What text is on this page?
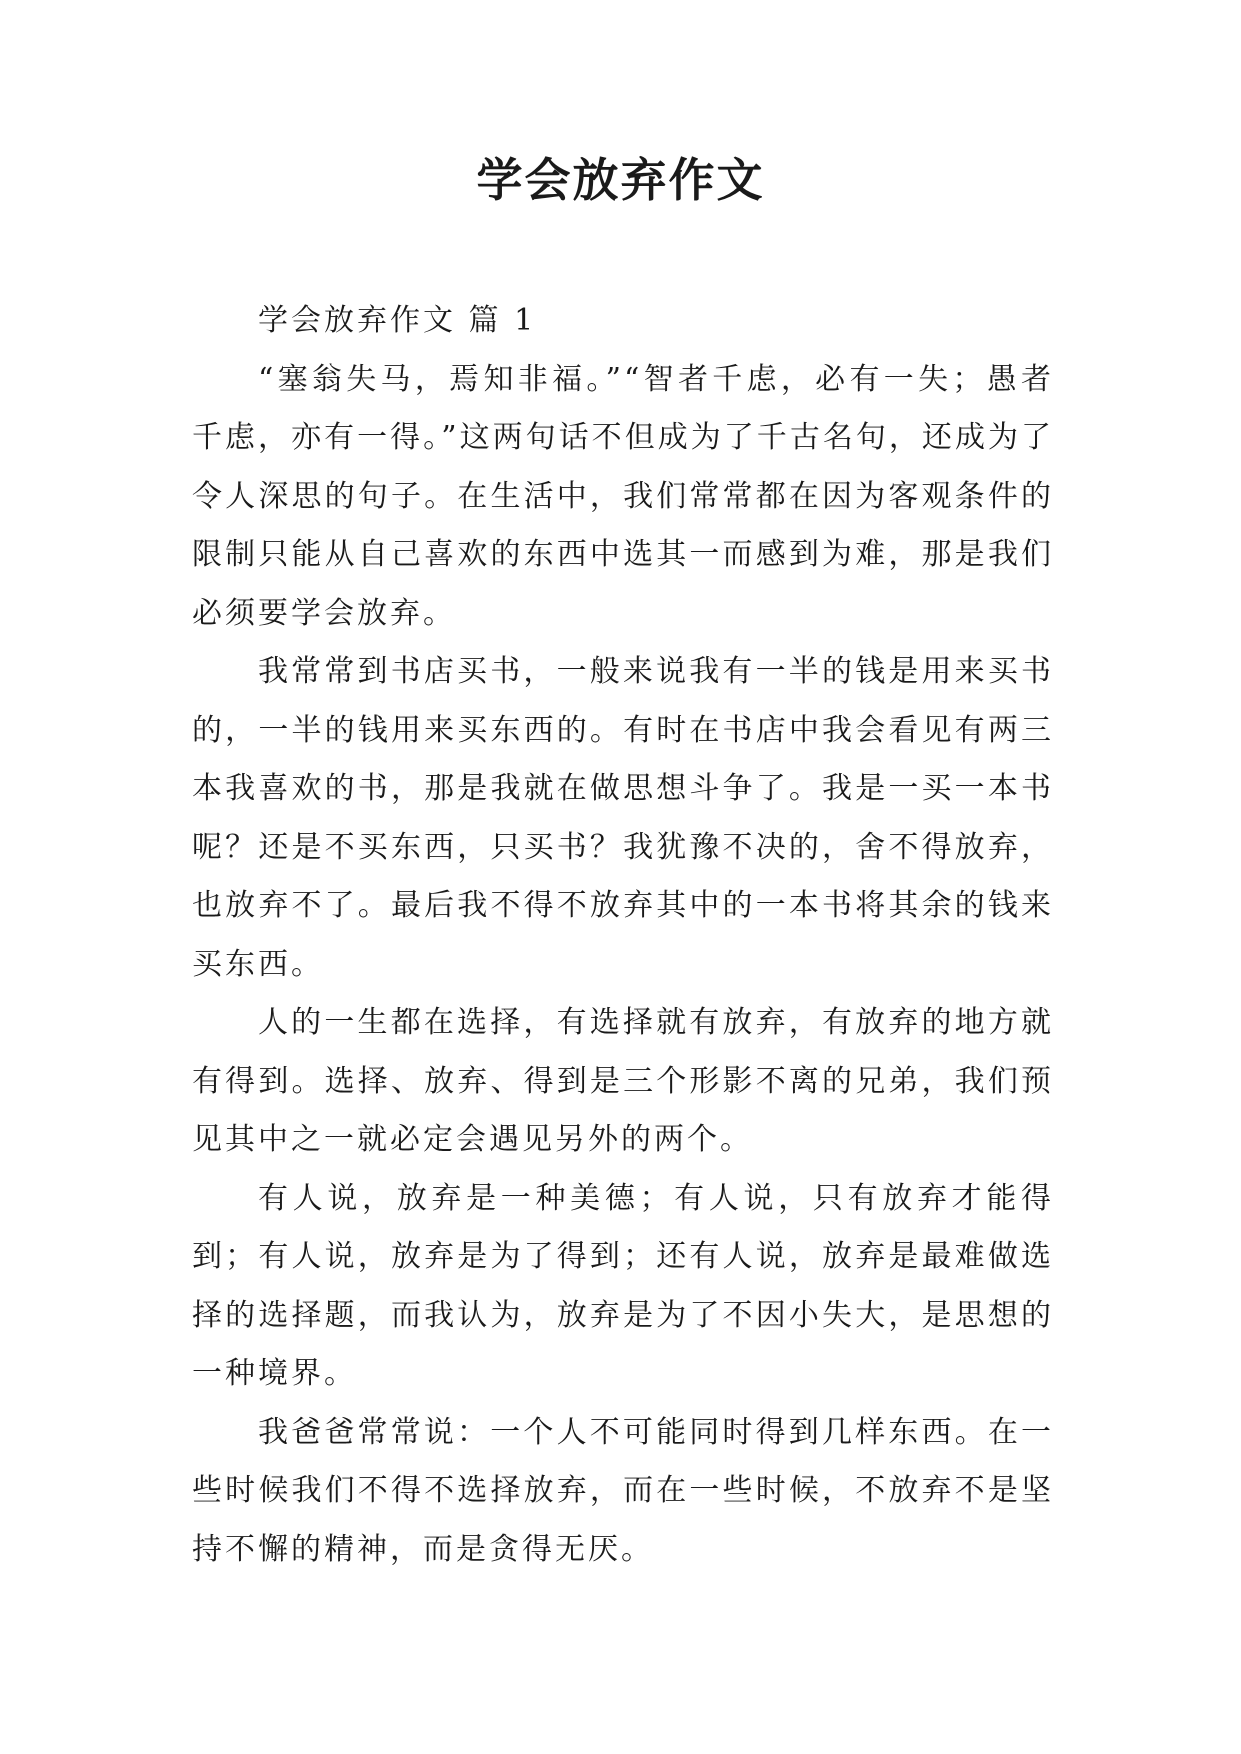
学会放弃作文

学会放弃作文 篇 1

“塞翁失马，焉知非福。”“智者千虑，必有一失；愚者千虑，亦有一得。”这两句话不但成为了千古名句，还成为了令人深思的句子。在生活中，我们常常都在因为客观条件的限制只能从自己喜欢的东西中选其一而感到为难，那是我们必须要学会放弃。

我常常到书店买书，一般来说我有一半的钱是用来买书的，一半的钱用来买东西的。有时在书店中我会看见有两三本我喜欢的书，那是我就在做思想斗争了。我是一买一本书呢？还是不买东西，只买书？我犹豫不决的，舍不得放弃，也放弃不了。最后我不得不放弃其中的一本书将其余的钱来买东西。

人的一生都在选择，有选择就有放弃，有放弃的地方就有得到。选择、放弃、得到是三个形影不离的兄弟，我们预见其中之一就必定会遇见另外的两个。

有人说，放弃是一种美德；有人说，只有放弃才能得到；有人说，放弃是为了得到；还有人说，放弃是最难做选择的选择题，而我认为，放弃是为了不因小失大，是思想的一种境界。

我爸爸常常说：一个人不可能同时得到几样东西。在一些时候我们不得不选择放弃，而在一些时候，不放弃不是坚持不懈的精神，而是贪得无厌。
